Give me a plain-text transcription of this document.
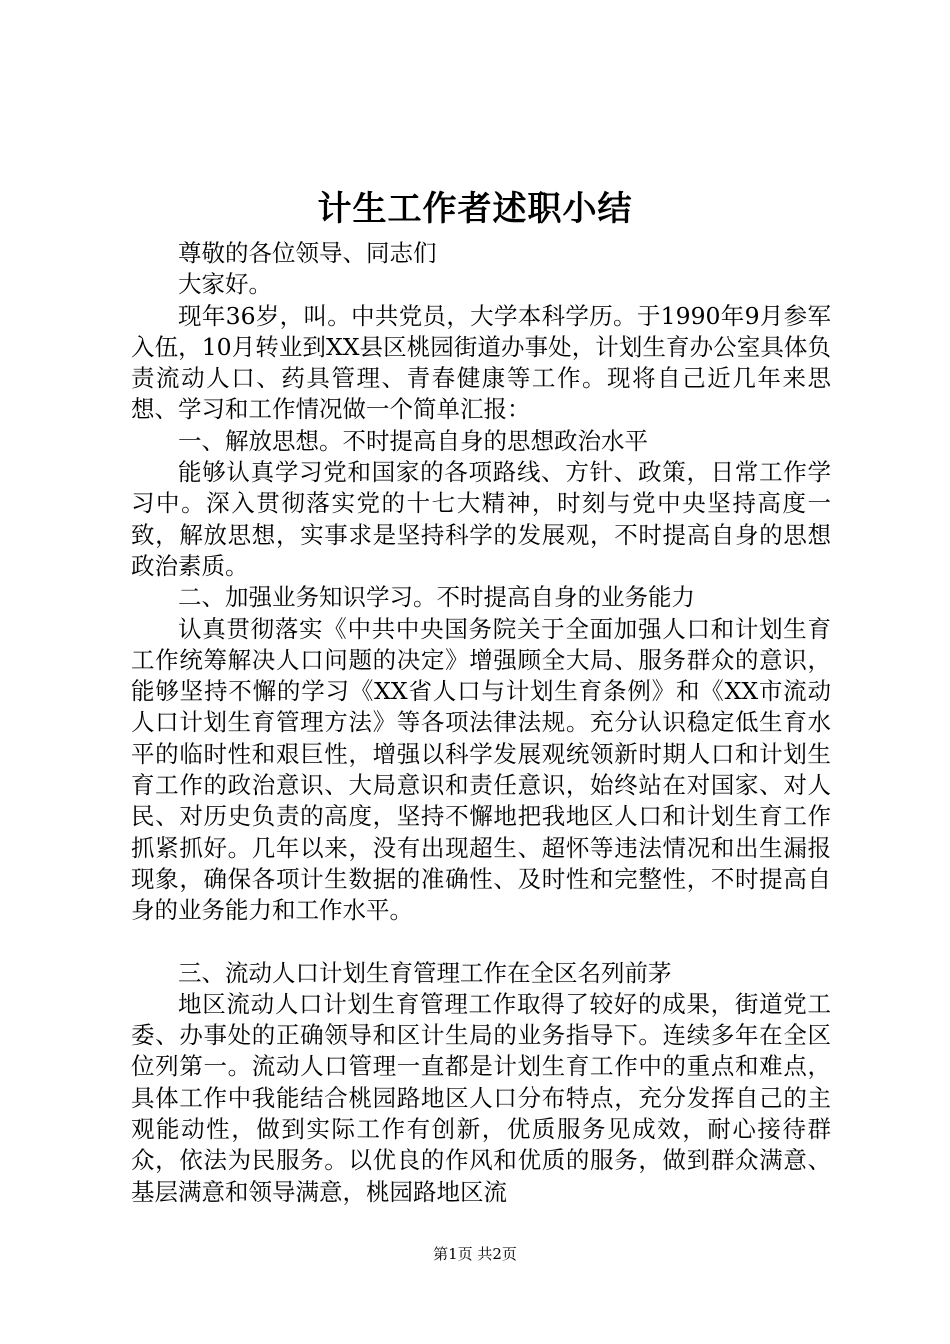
计生工作者述职小结

尊敬的各位领导、同志们

大家好。

现年36岁，叫。中共党员，大学本科学历。于1990年9月参军入伍，10月转业到XX县区桃园街道办事处，计划生育办公室具体负责流动人口、药具管理、青春健康等工作。现将自己近几年来思想、学习和工作情况做一个简单汇报：

一、解放思想。不时提高自身的思想政治水平

能够认真学习党和国家的各项路线、方针、政策，日常工作学习中。深入贯彻落实党的十七大精神，时刻与党中央坚持高度一致，解放思想，实事求是坚持科学的发展观，不时提高自身的思想政治素质。

二、加强业务知识学习。不时提高自身的业务能力

认真贯彻落实《中共中央国务院关于全面加强人口和计划生育工作统筹解决人口问题的决定》增强顾全大局、服务群众的意识，能够坚持不懈的学习《XX省人口与计划生育条例》和《XX市流动人口计划生育管理方法》等各项法律法规。充分认识稳定低生育水平的临时性和艰巨性，增强以科学发展观统领新时期人口和计划生育工作的政治意识、大局意识和责任意识，始终站在对国家、对人民、对历史负责的高度，坚持不懈地把我地区人口和计划生育工作抓紧抓好。几年以来，没有出现超生、超怀等违法情况和出生漏报现象，确保各项计生数据的准确性、及时性和完整性，不时提高自身的业务能力和工作水平。

三、流动人口计划生育管理工作在全区名列前茅

地区流动人口计划生育管理工作取得了较好的成果，街道党工委、办事处的正确领导和区计生局的业务指导下。连续多年在全区位列第一。流动人口管理一直都是计划生育工作中的重点和难点，具体工作中我能结合桃园路地区人口分布特点，充分发挥自己的主观能动性，做到实际工作有创新，优质服务见成效，耐心接待群众，依法为民服务。以优良的作风和优质的服务，做到群众满意、基层满意和领导满意，桃园路地区流

第1页 共2页
